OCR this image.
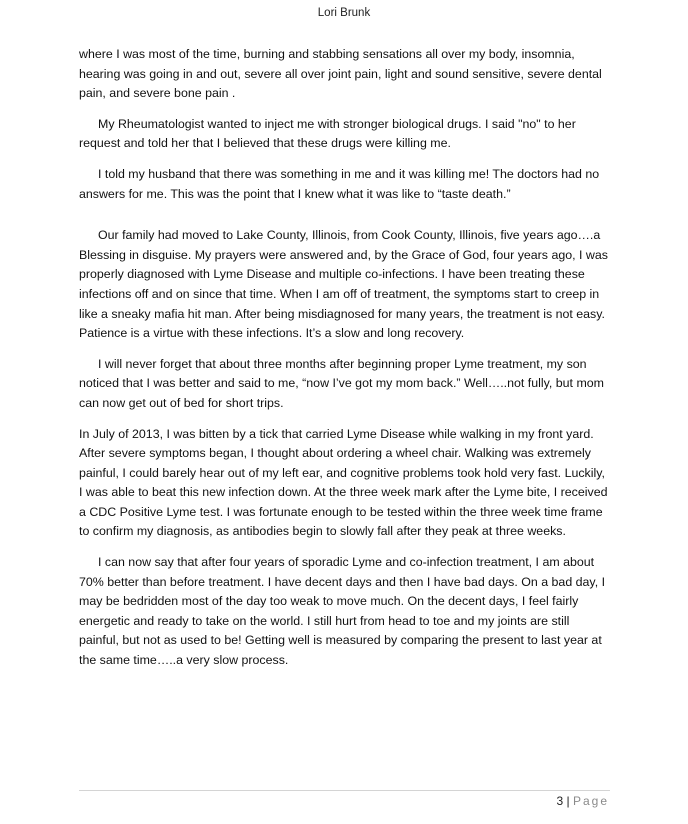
Lori Brunk

where I was most of the time, burning and stabbing sensations all over my body, insomnia, hearing was going in and out, severe all over joint pain, light and sound sensitive, severe dental pain, and severe bone pain .

My Rheumatologist wanted to inject me with stronger biological drugs. I said "no" to her request and told her that I believed that these drugs were killing me.

I told my husband that there was something in me and it was killing me! The doctors had no answers for me. This was the point that I knew what it was like to “taste death.”

Our family had moved to Lake County, Illinois, from Cook County, Illinois, five years ago….a Blessing in disguise. My prayers were answered and, by the Grace of God, four years ago, I was properly diagnosed with Lyme Disease and multiple co-infections. I have been treating these infections off and on since that time. When I am off of treatment, the symptoms start to creep in like a sneaky mafia hit man. After being misdiagnosed for many years, the treatment is not easy. Patience is a virtue with these infections. It’s a slow and long recovery.

I will never forget that about three months after beginning proper Lyme treatment, my son noticed that I was better and said to me, “now I’ve got my mom back.” Well…..not fully, but mom can now get out of bed for short trips.

In July of 2013, I was bitten by a tick that carried Lyme Disease while walking in my front yard. After severe symptoms began, I thought about ordering a wheel chair. Walking was extremely painful, I could barely hear out of my left ear, and cognitive problems took hold very fast. Luckily, I was able to beat this new infection down. At the three week mark after the Lyme bite, I received a CDC Positive Lyme test. I was fortunate enough to be tested within the three week time frame to confirm my diagnosis, as antibodies begin to slowly fall after they peak at three weeks.

I can now say that after four years of sporadic Lyme and co-infection treatment, I am about 70% better than before treatment. I have decent days and then I have bad days. On a bad day, I may be bedridden most of the day too weak to move much. On the decent days, I feel fairly energetic and ready to take on the world. I still hurt from head to toe and my joints are still painful, but not as used to be! Getting well is measured by comparing the present to last year at the same time…..a very slow process.

3 | Page
